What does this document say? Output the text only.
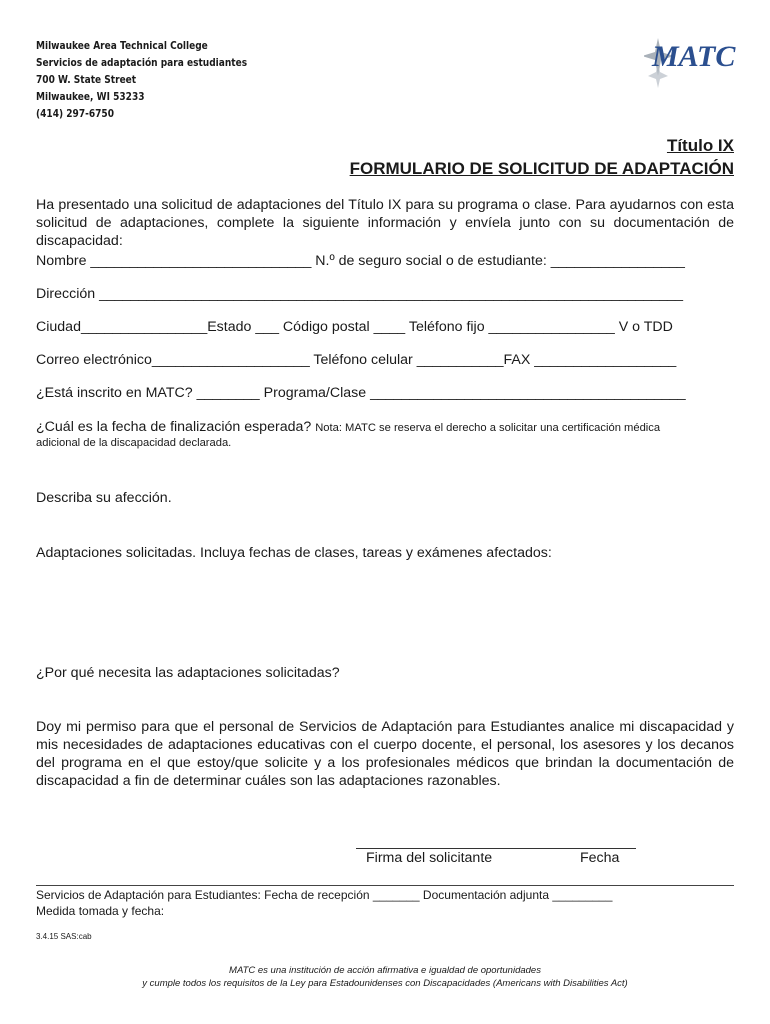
Milwaukee Area Technical College
Servicios de adaptación para estudiantes
700 W. State Street
Milwaukee, WI 53233
(414) 297-6750
MATC
Título IX
FORMULARIO DE SOLICITUD DE ADAPTACIÓN
Ha presentado una solicitud de adaptaciones del Título IX para su programa o clase. Para ayudarnos con esta solicitud de adaptaciones, complete la siguiente información y envíela junto con su documentación de discapacidad:
Nombre ____________________________ N.º de seguro social o de estudiante: _________________
Dirección __________________________________________________________________________
Ciudad________________Estado ___ Código postal ____ Teléfono fijo ________________ V o TDD
Correo electrónico____________________ Teléfono celular ___________FAX __________________
¿Está inscrito en MATC? ________ Programa/Clase ________________________________________
¿Cuál es la fecha de finalización esperada? Nota: MATC se reserva el derecho a solicitar una certificación médica
adicional de la discapacidad declarada.
Describa su afección.
Adaptaciones solicitadas. Incluya fechas de clases, tareas y exámenes afectados:
¿Por qué necesita las adaptaciones solicitadas?
Doy mi permiso para que el personal de Servicios de Adaptación para Estudiantes analice mi discapacidad y mis necesidades de adaptaciones educativas con el cuerpo docente, el personal, los asesores y los decanos del programa en el que estoy/que solicite y a los profesionales médicos que brindan la documentación de discapacidad a fin de determinar cuáles son las adaptaciones razonables.
Firma del solicitante	Fecha
Servicios de Adaptación para Estudiantes: Fecha de recepción _______ Documentación adjunta _________
Medida tomada y fecha:
3.4.15 SAS:cab
MATC es una institución de acción afirmativa e igualdad de oportunidades
y cumple todos los requisitos de la Ley para Estadounidenses con Discapacidades (Americans with Disabilities Act)
